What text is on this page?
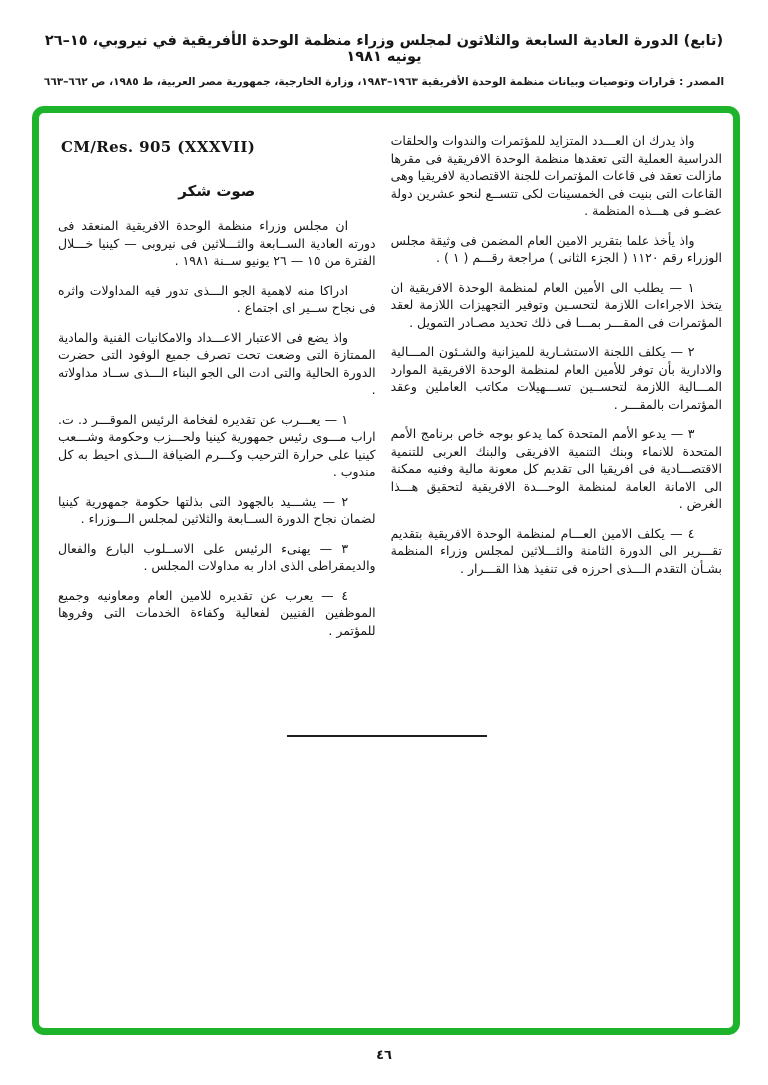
(تابع) الدورة العادية السابعة والثلاثون لمجلس وزراء منظمة الوحدة الأفريقية في نيروبي، ١٥–٢٦ يونيه ١٩٨١
المصدر : قرارات وتوصيات وبيانات منظمة الوحدة الأفريقية ١٩٦٣–١٩٨٣، وزارة الخارجية، جمهورية مصر العربية، ط ١٩٨٥، ص ٦٦٢–٦٦٣

واذ يدرك ان العـــدد المتزايد للمؤتمرات والندوات والحلقات الدراسية العملية التى تعقدها منظمة الوحدة الافريقية فى مقرها مازالت تعقد فى قاعات المؤتمرات للجنة الاقتصادية لافريقيا وهى القاعات التى بنيت فى الخمسينات لكى تتســع لنحو عشرين دولة عضـو فى هـــذه المنظمة .

واذ يأخذ علما بتقرير الامين العام المضمن فى وثيقة مجلس الوزراء رقم ١١٢٠ ( الجزء الثانى ) مراجعة رقـــم ( ١ ) .

١ — يطلب الى الأمين العام لمنظمة الوحدة الافريقية ان يتخذ الاجراءات اللازمة لتحسـين وتوفير التجهيزات اللازمة لعقد المؤتمرات فى المقـــر بمـــا فى ذلك تحديد مصـادر التمويل .

٢ — يكلف اللجنة الاستشـارية للميزانية والشـئون المـــالية والادارية بأن توفر للأمين العام لمنظمة الوحدة الافريقية الموارد المـــالية اللازمة لتحســين تســـهيلات مكاتب العاملين وعقد المؤتمرات بالمقـــر .

٣ — يدعو الأمم المتحدة كما يدعو بوجه خاص برنامج الأمم المتحدة للانماء وبنك التنمية الافريقى والبنك العربى للتنمية الاقتصـــادية فى افريقيا الى تقديم كل معونة مالية وفنيه ممكنة الى الامانة العامة لمنظمة الوحـــدة الافريقية لتحقيق هـــذا الغرض .

٤ — يكلف الامين العـــام لمنظمة الوحدة الافريقية بتقديم تقـــرير الى الدورة الثامنة والثـــلاثين لمجلس وزراء المنظمة بشـأن التقدم الـــذى احرزه فى تنفيذ هذا القـــرار .

CM/Res. 905 (XXXVII)
صوت شكر

ان مجلس وزراء منظمة الوحدة الافريقية المنعقد فى دورته العادية الســابعة والثـــلاثين فى نيروبى — كينيا خـــلال الفترة من ١٥ — ٢٦ يونيو ســنة ١٩٨١ .

ادراكا منه لاهمية الجو الـــذى تدور فيه المداولات واثره فى نجاح ســير اى اجتماع .

واذ يضع فى الاعتبار الاعـــداد والامكانيات الفنية والمادية الممتازة التى وضعت تحت تصرف جميع الوفود التى حضرت الدورة الحالية والتى ادت الى الجو البناء الـــذى ســاد مداولاته .

١ — يعـــرب عن تقديره لفخامة الرئيس الموقـــر د. ت. اراب مـــوى رئيس جمهورية كينيا ولحـــزب وحكومة وشـــعب كينيا على حرارة الترحيب وكـــرم الضيافة الـــذى احيط به كل مندوب .

٢ — يشـــيد بالجهود التى بذلتها حكومة جمهورية كينيا لضمان نجاح الدورة الســابعة والثلاثين لمجلس الـــوزراء .

٣ — يهنىء الرئيس على الاســلوب البارع والفعال والديمقراطى الذى ادار به مداولات المجلس .

٤ — يعرب عن تقديره للامين العام ومعاونيه وجميع الموظفين الفنيين لفعالية وكفاءة الخدمات التى وفروها للمؤتمر .

٤٦
